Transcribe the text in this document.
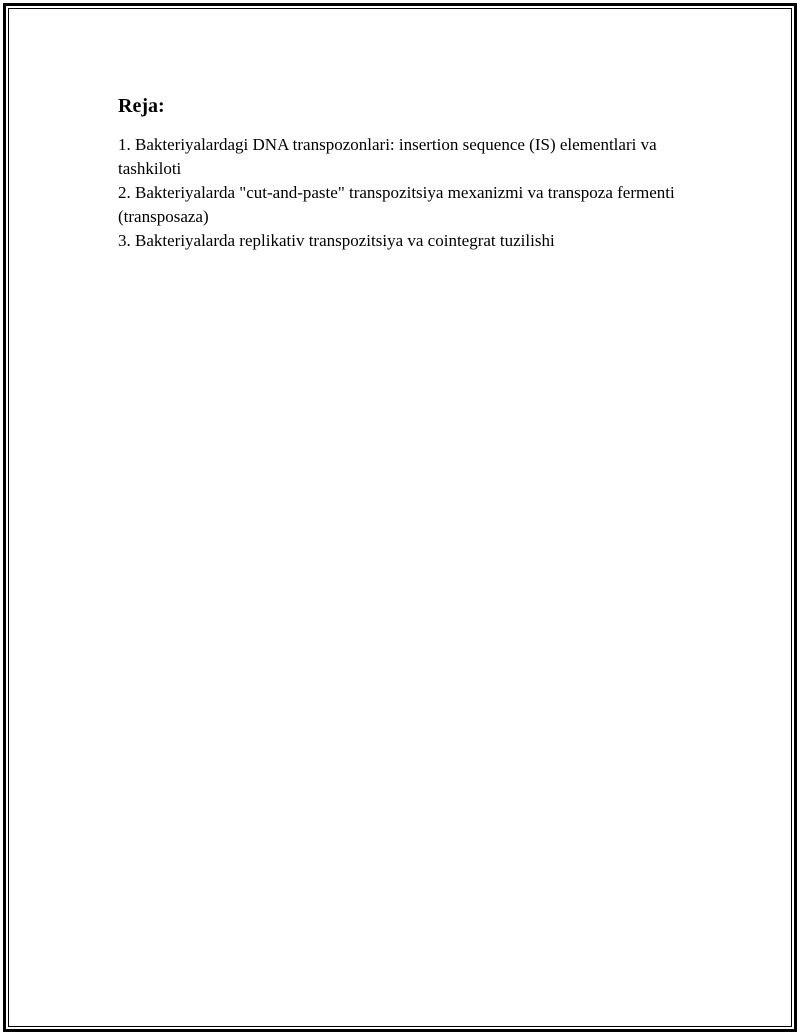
Reja:
1. Bakteriyalardagi DNA transpozonlari: insertion sequence (IS) elementlari va tashkiloti
2. Bakteriyalarda "cut-and-paste" transpozitsiya mexanizmi va transpoza fermenti (transposaza)
3. Bakteriyalarda replikativ transpozitsiya va cointegrat tuzilishi
